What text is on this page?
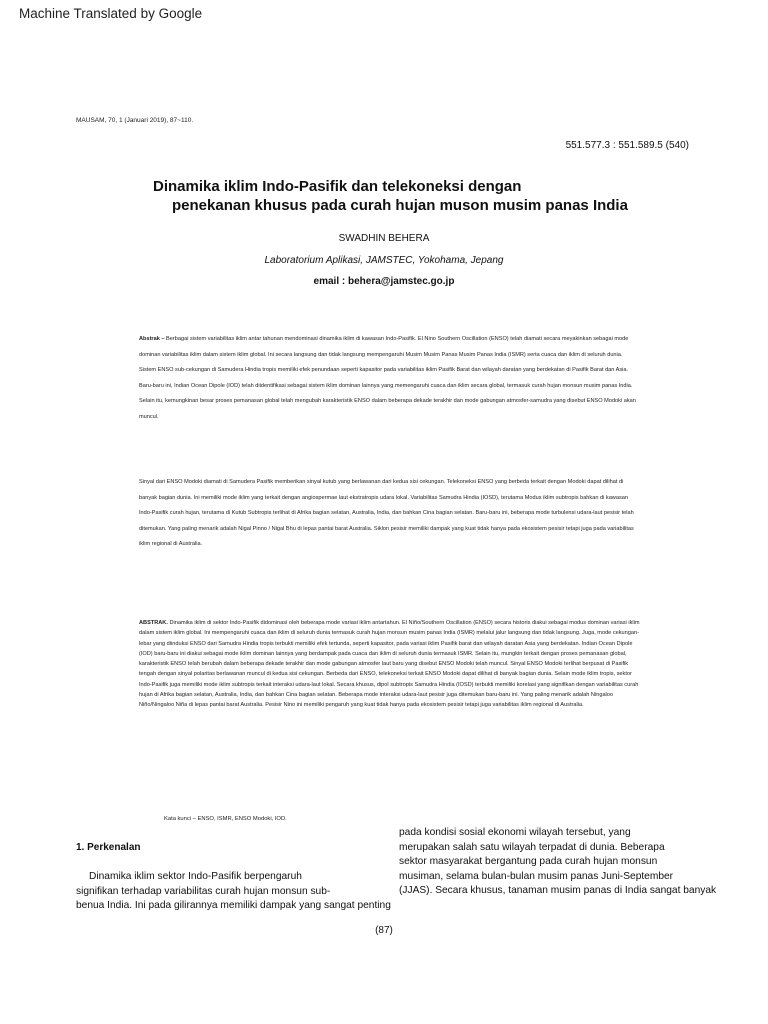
Machine Translated by Google
MAUSAM, 70, 1 (Januari 2019), 87~110.
551.577.3 : 551.589.5 (540)
Dinamika iklim Indo-Pasifik dan telekoneksi dengan
penekanan khusus pada curah hujan muson musim panas India
SWADHIN BEHERA
Laboratorium Aplikasi, JAMSTEC, Yokohama, Jepang
email : behera@jamstec.go.jp
Abstrak – Berbagai sistem variabilitas iklim antar tahunan mendominasi dinamika iklim di kawasan Indo-Pasifik. El Nino Southern Oscillation (ENSO) telah diamati secara meyakinkan sebagai mode dominan variabilitas iklim dalam sistem iklim global. Ini secara langsung dan tidak langsung mempengaruhi Musim Musim Panas Musim Panas India (ISMR) serta cuaca dan iklim di seluruh dunia. Sistem ENSO sub-cekungan di Samudera Hindia tropis memiliki efek penundaan seperti kapasitor pada variabilitas iklim Pasifik Barat dan wilayah daratan yang berdekatan di Pasifik Barat dan Asia. Baru-baru ini, Indian Ocean Dipole (IOD) telah diidentifikasi sebagai sistem iklim dominan lainnya yang memengaruhi cuaca dan iklim secara global, termasuk curah hujan monsun musim panas India. Selain itu, kemungkinan besar proses pemanasan global telah mengubah karakteristik ENSO dalam beberapa dekade terakhir dan mode gabungan atmosfer-samudra yang disebut ENSO Modoki akan muncul.
Sinyal dari ENSO Modoki diamati di Samudera Pasifik memberikan sinyal kutub yang berlawanan dari kedua sisi cekungan. Telekoneksi ENSO yang berbeda terkait dengan Modoki dapat dilihat di banyak bagian dunia. Ini memiliki mode iklim yang terkait dengan angiospermae laut ekstratropis udara lokal. Variabilitas Samudra Hindia (IOSD), terutama Modus iklim subtropis bahkan di kawasan Indo-Pasifik curah hujan, terutama di Kutub Subtropis terlihat di Afrika bagian selatan, Australia, India, dan bahkan Cina bagian selatan. Baru-baru ini, beberapa mode turbulensi udara-laut pesisir telah ditemukan. Yang paling menarik adalah Nigal Pinno / Nigal Bhu di lepas pantai barat Australia. Siklon pesisir memiliki dampak yang kuat tidak hanya pada ekosistem pesisir tetapi juga pada variabilitas iklim regional di Australia.
ABSTRAK. Dinamika iklim di sektor Indo-Pasifik didominasi oleh beberapa mode variasi iklim antartahun. El Niño/Southern Oscillation (ENSO) secara historis diakui sebagai modus dominan variasi iklim dalam sistem iklim global. Ini mempengaruhi cuaca dan iklim di seluruh dunia termasuk curah hujan monsun musim panas India (ISMR) melalui jalur langsung dan tidak langsung. Juga, mode cekungan-lebar yang diinduksi ENSO dari Samudra Hindia tropis terbukti memiliki efek tertunda, seperti kapasitor, pada variasi iklim Pasifik barat dan wilayah daratan Asia yang berdekatan. Indian Ocean Dipole (IOD) baru-baru ini diakui sebagai mode iklim dominan lainnya yang berdampak pada cuaca dan iklim di seluruh dunia termasuk ISMR. Selain itu, mungkin terkait dengan proses pemanasan global, karakteristik ENSO telah berubah dalam beberapa dekade terakhir dan mode gabungan atmosfer laut baru yang disebut ENSO Modoki telah muncul. Sinyal ENSO Modoki terlihat berpusat di Pasifik tengah dengan sinyal polaritas berlawanan muncul di kedua sisi cekungan. Berbeda dari ENSO, telekoneksi terkait ENSO Modoki dapat dilihat di banyak bagian dunia. Selain mode iklim tropis, sektor Indo-Pasifik juga memiliki mode iklim subtropis terkait interaksi udara-laut lokal. Secara khusus, dipol subtropis Samudra Hindia (IOSD) terbukti memiliki korelasi yang signifikan dengan variabilitas curah hujan di Afrika bagian selatan, Australia, India, dan bahkan Cina bagian selatan. Beberapa mode interaksi udara-laut pesisir juga ditemukan baru-baru ini. Yang paling menarik adalah Ningaloo Niño/Ningaloo Niña di lepas pantai barat Australia. Pesisir Nino ini memiliki pengaruh yang kuat tidak hanya pada ekosistem pesisir tetapi juga variabilitas iklim regional di Australia.
Kata kunci – ENSO, ISMR, ENSO Modoki, IOD.
1. Perkenalan
Dinamika iklim sektor Indo-Pasifik berpengaruh
signifikan terhadap variabilitas curah hujan monsun sub-
benua India. Ini pada gilirannya memiliki dampak yang sangat penting
pada kondisi sosial ekonomi wilayah tersebut, yang
merupakan salah satu wilayah terpadat di dunia. Beberapa
sektor masyarakat bergantung pada curah hujan monsun
musiman, selama bulan-bulan musim panas Juni-September
(JJAS). Secara khusus, tanaman musim panas di India sangat banyak
(87)
